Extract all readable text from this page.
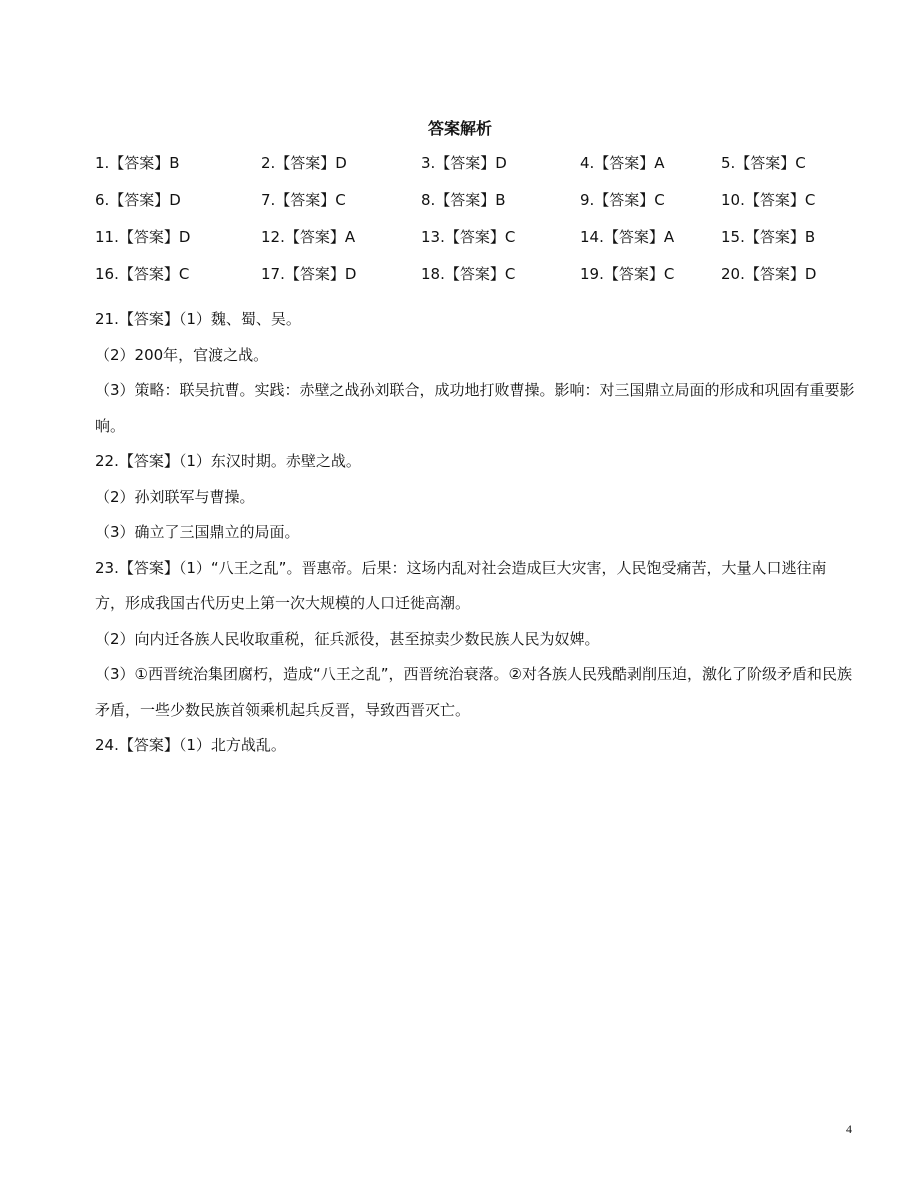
答案解析
1.【答案】B	2.【答案】D	3.【答案】D	4.【答案】A	5.【答案】C
6.【答案】D	7.【答案】C	8.【答案】B	9.【答案】C	10.【答案】C
11.【答案】D	12.【答案】A	13.【答案】C	14.【答案】A	15.【答案】B
16.【答案】C	17.【答案】D	18.【答案】C	19.【答案】C	20.【答案】D

21.【答案】（1）魏、蜀、吴。

（2）200年，官渡之战。

（3）策略：联吴抗曹。实践：赤壁之战孙刘联合，成功地打败曹操。影响：对三国鼎立局面的形成和巩固有重要影响。

22.【答案】（1）东汉时期。赤壁之战。

（2）孙刘联军与曹操。

（3）确立了三国鼎立的局面。

23.【答案】（1）“八王之乱”。晋惠帝。后果：这场内乱对社会造成巨大灾害，人民饱受痛苦，大量人口逃往南方，形成我国古代历史上第一次大规模的人口迁徙高潮。

（2）向内迁各族人民收取重税，征兵派役，甚至掠卖少数民族人民为奴婢。

（3）①西晋统治集团腐朽，造成“八王之乱”，西晋统治衰落。②对各族人民残酷剥削压迫，激化了阶级矛盾和民族矛盾，一些少数民族首领乘机起兵反晋，导致西晋灭亡。

24.【答案】（1）北方战乱。

4
